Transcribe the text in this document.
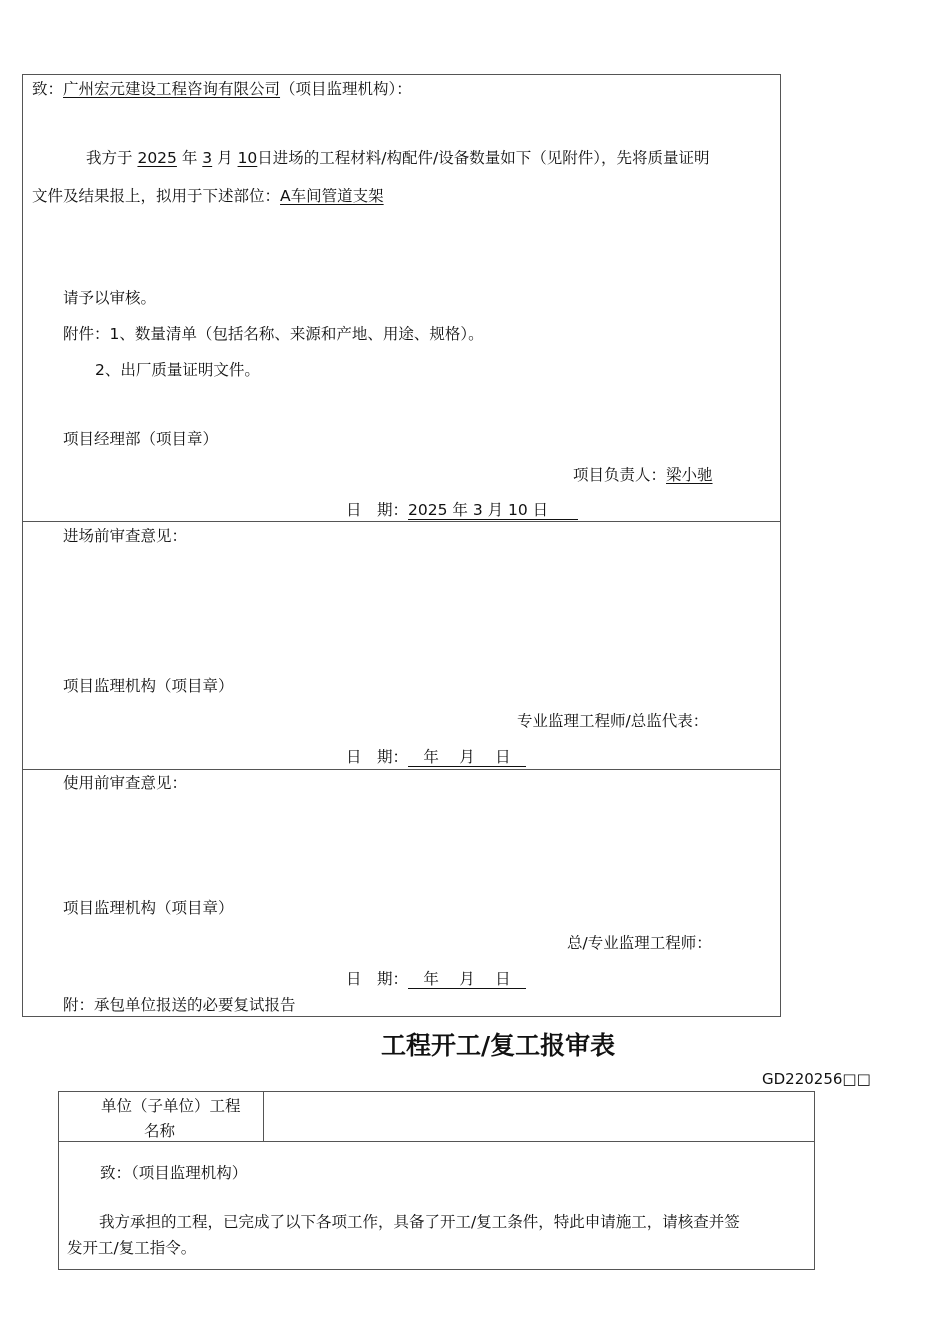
致：广州宏元建设工程咨询有限公司（项目监理机构）：
我方于 2025 年 3 月 10日进场的工程材料/构配件/设备数量如下（见附件），先将质量证明
文件及结果报上，拟用于下述部位：A车间管道支架
请予以审核。
附件：1、数量清单（包括名称、来源和产地、用途、规格）。
2、出厂质量证明文件。
项目经理部（项目章）
项目负责人：梁小驰
日　期：2025 年 3 月 10 日
进场前审查意见：
项目监理机构（项目章）
专业监理工程师/总监代表：
日　期： 年　 月　 日
使用前审查意见：
项目监理机构（项目章）
总/专业监理工程师：
日　期： 年　 月　 日
附：承包单位报送的必要复试报告
工程开工/复工报审表
GD220256□□
单位（子单位）工程
名称
致：（项目监理机构）
我方承担的工程，已完成了以下各项工作，具备了开工/复工条件，特此申请施工，请核查并签
发开工/复工指令。
